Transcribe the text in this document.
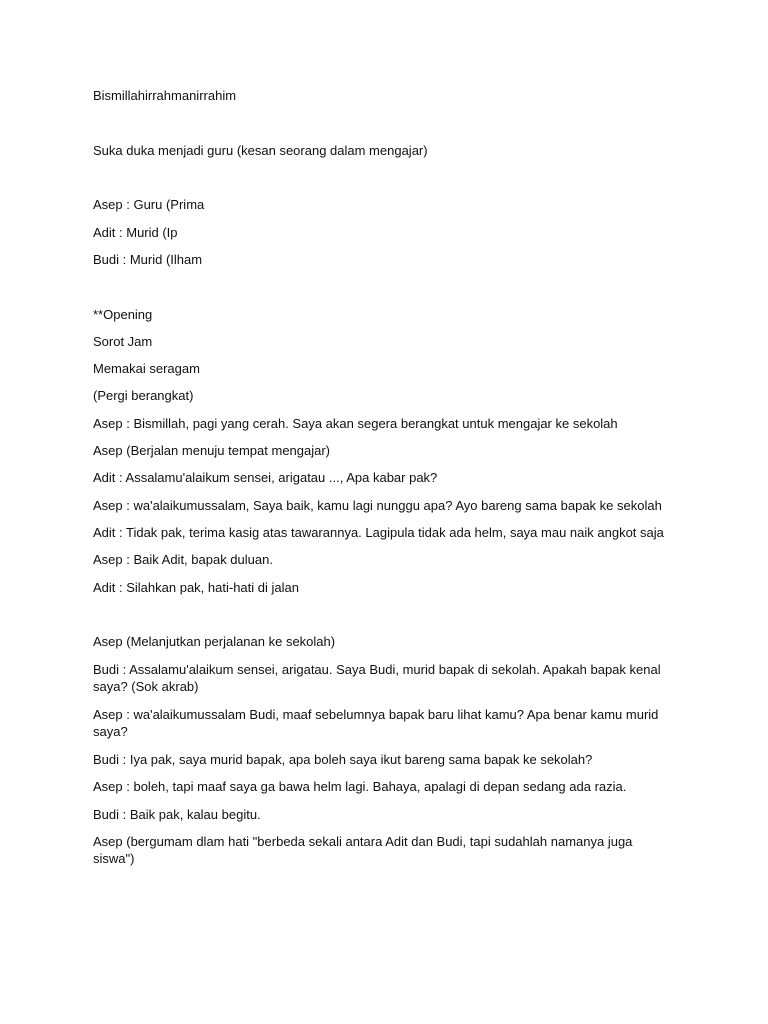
Bismillahirrahmanirrahim
Suka duka menjadi guru (kesan seorang dalam mengajar)
Asep : Guru (Prima
Adit : Murid (Ip
Budi : Murid (Ilham
**Opening
Sorot Jam
Memakai seragam
(Pergi berangkat)
Asep : Bismillah, pagi yang cerah. Saya akan segera berangkat untuk mengajar ke sekolah
Asep (Berjalan menuju tempat mengajar)
Adit : Assalamu'alaikum sensei, arigatau ..., Apa kabar pak?
Asep : wa'alaikumussalam, Saya baik, kamu lagi nunggu apa? Ayo bareng sama bapak ke sekolah
Adit : Tidak pak, terima kasig atas tawarannya. Lagipula tidak ada helm, saya mau naik angkot saja
Asep : Baik Adit, bapak duluan.
Adit : Silahkan pak, hati-hati di jalan
Asep (Melanjutkan perjalanan ke sekolah)
Budi : Assalamu'alaikum sensei, arigatau. Saya Budi, murid bapak di sekolah. Apakah bapak kenal saya? (Sok akrab)
Asep : wa'alaikumussalam Budi, maaf sebelumnya bapak baru lihat kamu? Apa benar kamu murid saya?
Budi : Iya pak, saya murid bapak, apa boleh saya ikut bareng sama bapak ke sekolah?
Asep : boleh, tapi maaf saya ga bawa helm lagi. Bahaya, apalagi di depan sedang ada razia.
Budi : Baik pak, kalau begitu.
Asep (bergumam dlam hati "berbeda sekali antara Adit dan Budi, tapi sudahlah namanya juga siswa")
